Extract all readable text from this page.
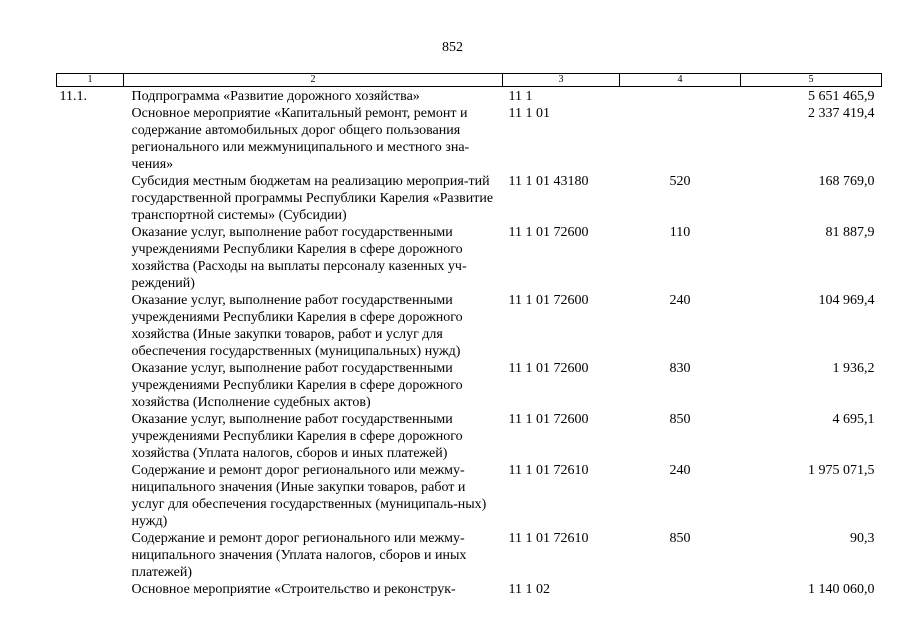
852
1	2	3	4	5
11.1.	Подпрограмма «Развитие дорожного хозяйства»	11 1		5 651 465,9
	Основное мероприятие «Капитальный ремонт, ремонт и содержание автомобильных дорог общего пользования регионального или межмуниципального и местного зна-чения»	11 1 01		2 337 419,4
	Субсидия местным бюджетам на реализацию мероприя-тий государственной программы Республики Карелия «Развитие транспортной системы» (Субсидии)	11 1 01 43180	520	168 769,0
	Оказание услуг, выполнение работ государственными учреждениями Республики Карелия в сфере дорожного хозяйства (Расходы на выплаты персоналу казенных уч-реждений)	11 1 01 72600	110	81 887,9
	Оказание услуг, выполнение работ государственными учреждениями Республики Карелия в сфере дорожного хозяйства (Иные закупки товаров, работ и услуг для обеспечения государственных (муниципальных) нужд)	11 1 01 72600	240	104 969,4
	Оказание услуг, выполнение работ государственными учреждениями Республики Карелия в сфере дорожного хозяйства (Исполнение судебных актов)	11 1 01 72600	830	1 936,2
	Оказание услуг, выполнение работ государственными учреждениями Республики Карелия в сфере дорожного хозяйства (Уплата налогов, сборов и иных платежей)	11 1 01 72600	850	4 695,1
	Содержание и ремонт дорог регионального или межму-ниципального значения (Иные закупки товаров, работ и услуг для обеспечения государственных (муниципаль-ных) нужд)	11 1 01 72610	240	1 975 071,5
	Содержание и ремонт дорог регионального или межму-ниципального значения (Уплата налогов, сборов и иных платежей)	11 1 01 72610	850	90,3
	Основное мероприятие «Строительство и реконструк-	11 1 02		1 140 060,0
